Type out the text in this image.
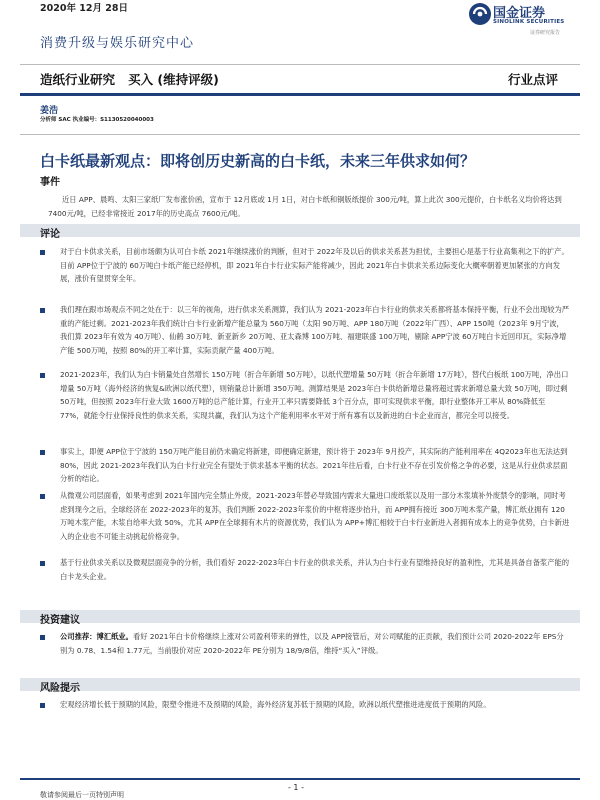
2020年 12月 28日
消费升级与娱乐研究中心
国金证券
SINOLINK SECURITIES
证券研究报告
造纸行业研究 买入 (维持评级)	行业点评
姜浩
分析师 SAC 执业编号：S1130520040003
白卡纸最新观点：即将创历史新高的白卡纸，未来三年供求如何？
事件

近日 APP、晨鸣、太阳三家纸厂发布涨价函，宣布于 12月底或 1月 1日，对白卡纸和铜版纸提价 300元/吨，算上此次 300元提价，白卡纸名义均价将达到 7400元/吨，已经非常接近 2017年的历史高点 7600元/吨。

评论
对于白卡供求关系，目前市场颇为认可白卡纸 2021年继续涨价的判断，但对于 2022年及以后的供求关系甚为担忧，主要担心是基于行业高集利之下的扩产。目前 APP位于宁波的 60万吨白卡纸产能已经停机，即 2021年白卡行业实际产能将减少，因此 2021年白卡供求关系边际变化大概率朝着更加紧张的方向发展，涨价有望贯穿全年。
我们理在跟市场观点不同之处在于：以三年的视角，进行供求关系测算，我们认为 2021-2023年白卡行业的供求关系都将基本保持平衡，行业不会出现较为严重的产能过剩。2021-2023年我们统计白卡行业新增产能总量为 560万吨（太阳 90万吨、APP 180万吨（2022年广西）、APP 150吨（2023年 9月宁波，我们算 2023年有效为 40万吨）、仙鹤 30万吨、新亚新乡 20万吨、亚太森博 100万吨、福建联盛 100万吨，剔除 APP宁波 60万吨白卡近回印瓦，实际净增产能 500万吨，按照 80%的开工率计算，实际贡献产量 400万吨。
2021-2023年，我们认为白卡销量处自然增长 150万吨（折合年新增 50万吨），以纸代塑增量 50万吨（折合年新增 17万吨），替代白板纸 100万吨，净出口增量 50万吨（海外经济的恢复&欧洲以纸代塑），则销量总计新增 350万吨。测算结果是 2023年白卡供给新增总量将超过需求新增总量大致 50万吨，即过剩 50万吨，但按照 2023年行业大致 1600万吨的总产能计算，行业开工率只需要降低 3个百分点，即可实现供求平衡，即行业整体开工率从 80%降低至 77%，就能令行业保持良性的供求关系，实现共赢，我们认为这个产能利用率水平对于所有寡有以及新进的白卡企业而言，都完全可以接受。
事实上，即便 APP位于宁波的 150万吨产能目前仍未确定将新建，即便确定新建，预计将于 2023年 9月投产，其实际的产能利用率在 4Q2023年也无法达到 80%，因此 2021-2023年我们认为白卡行业完全有望处于供求基本平衡的状态。2021年往后看，白卡行业不存在引发价格之争的必要，这是从行业供求层面分析的结论。
从微观公司层面看，如果考虑到 2021年国内完全禁止外废，2021-2023年替必导致国内需求大量进口废纸浆以及用一部分木浆填补外废禁令的影响，同时考虑到现今之后，全球经济在 2022-2023年的复苏，我们判断 2022-2023年浆价的中枢将逐步抬升，而 APP拥有接近 300万吨木浆产量，博汇纸业拥有 120万吨木浆产能，木浆自给率大致 50%，尤其 APP在全球拥有木片的资源优势，我们认为 APP+博汇相较于白卡行业新进入者拥有成本上的竞争优势，白卡新进入的企业也不可能主动挑起价格竞争。
基于行业供求关系以及微观层面竞争的分析，我们看好 2022-2023年白卡行业的供求关系，并认为白卡行业有望维持良好的盈利性，尤其是具备自备浆产能的白卡龙头企业。
投资建议
公司推荐：博汇纸业。看好 2021年白卡价格继续上涨对公司盈利带来的弹性，以及 APP接管后，对公司赋能的正贡献，我们预计公司 2020-2022年 EPS分别为 0.78、1.54和 1.77元，当前股价对应 2020-2022年 PE分别为 18/9/8倍，维持“买入”评级。
风险提示
宏观经济增长低于预期的风险，限塑令推进不及预期的风险，海外经济复苏低于预期的风险，欧洲以纸代塑推进进度低于预期的风险。
- 1 -
敬请参阅最后一页特别声明
